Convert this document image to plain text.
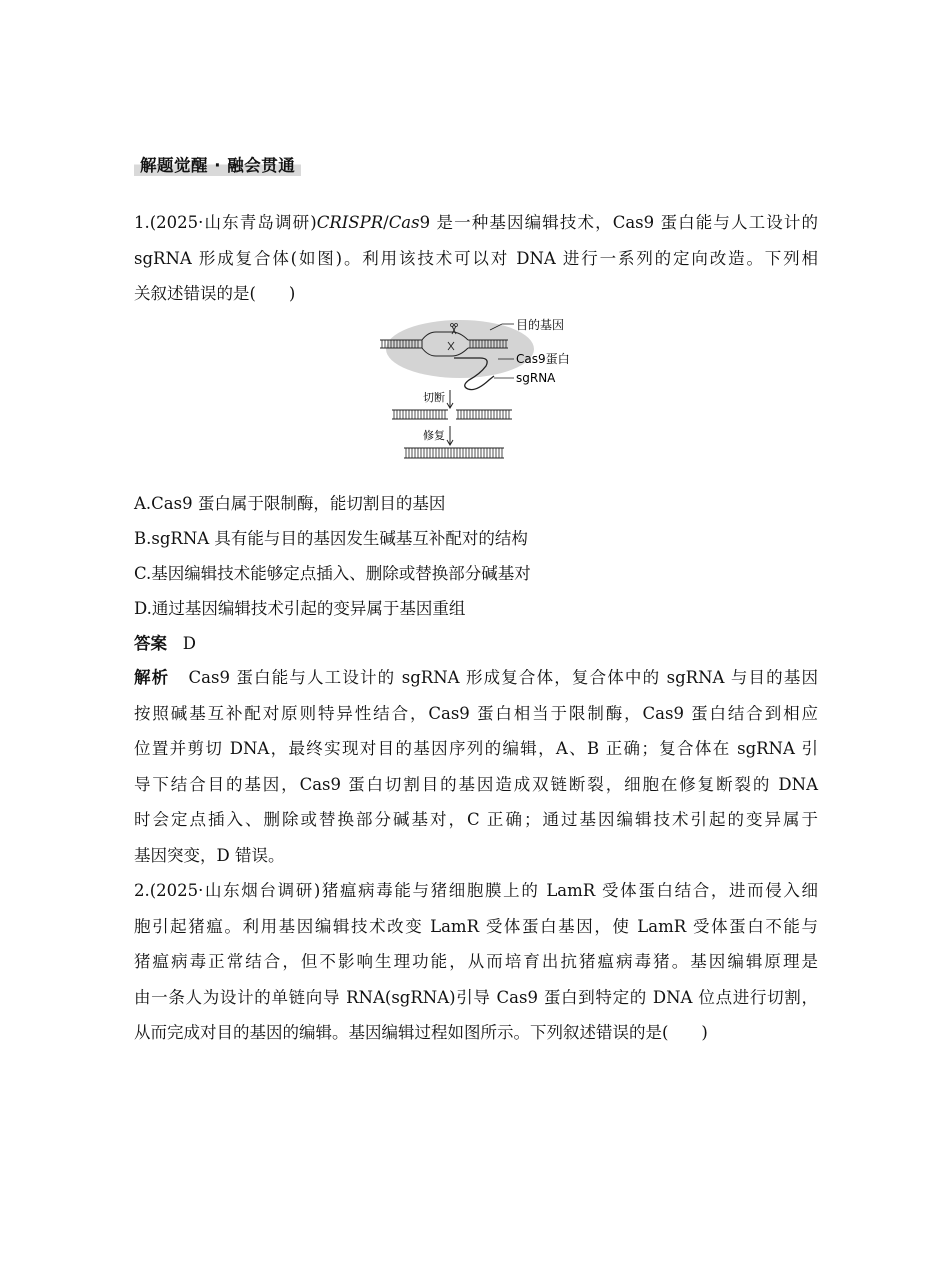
解题觉醒 · 融会贯通
1.(2025·山东青岛调研)CRISPR/Cas9 是一种基因编辑技术，Cas9 蛋白能与人工设计的
sgRNA 形成复合体(如图)。利用该技术可以对 DNA 进行一系列的定向改造。下列相
关叙述错误的是(　　)
目的基因
Cas9蛋白
sgRNA
切断
修复
A.Cas9 蛋白属于限制酶，能切割目的基因
B.sgRNA 具有能与目的基因发生碱基互补配对的结构
C.基因编辑技术能够定点插入、删除或替换部分碱基对
D.通过基因编辑技术引起的变异属于基因重组
答案 D
解析 Cas9 蛋白能与人工设计的 sgRNA 形成复合体，复合体中的 sgRNA 与目的基因
按照碱基互补配对原则特异性结合，Cas9 蛋白相当于限制酶，Cas9 蛋白结合到相应
位置并剪切 DNA，最终实现对目的基因序列的编辑，A、B 正确；复合体在 sgRNA 引
导下结合目的基因，Cas9 蛋白切割目的基因造成双链断裂，细胞在修复断裂的 DNA
时会定点插入、删除或替换部分碱基对，C 正确；通过基因编辑技术引起的变异属于
基因突变，D 错误。
2.(2025·山东烟台调研)猪瘟病毒能与猪细胞膜上的 LamR 受体蛋白结合，进而侵入细
胞引起猪瘟。利用基因编辑技术改变 LamR 受体蛋白基因，使 LamR 受体蛋白不能与
猪瘟病毒正常结合，但不影响生理功能，从而培育出抗猪瘟病毒猪。基因编辑原理是
由一条人为设计的单链向导 RNA(sgRNA)引导 Cas9 蛋白到特定的 DNA 位点进行切割，
从而完成对目的基因的编辑。基因编辑过程如图所示。下列叙述错误的是(　　)
